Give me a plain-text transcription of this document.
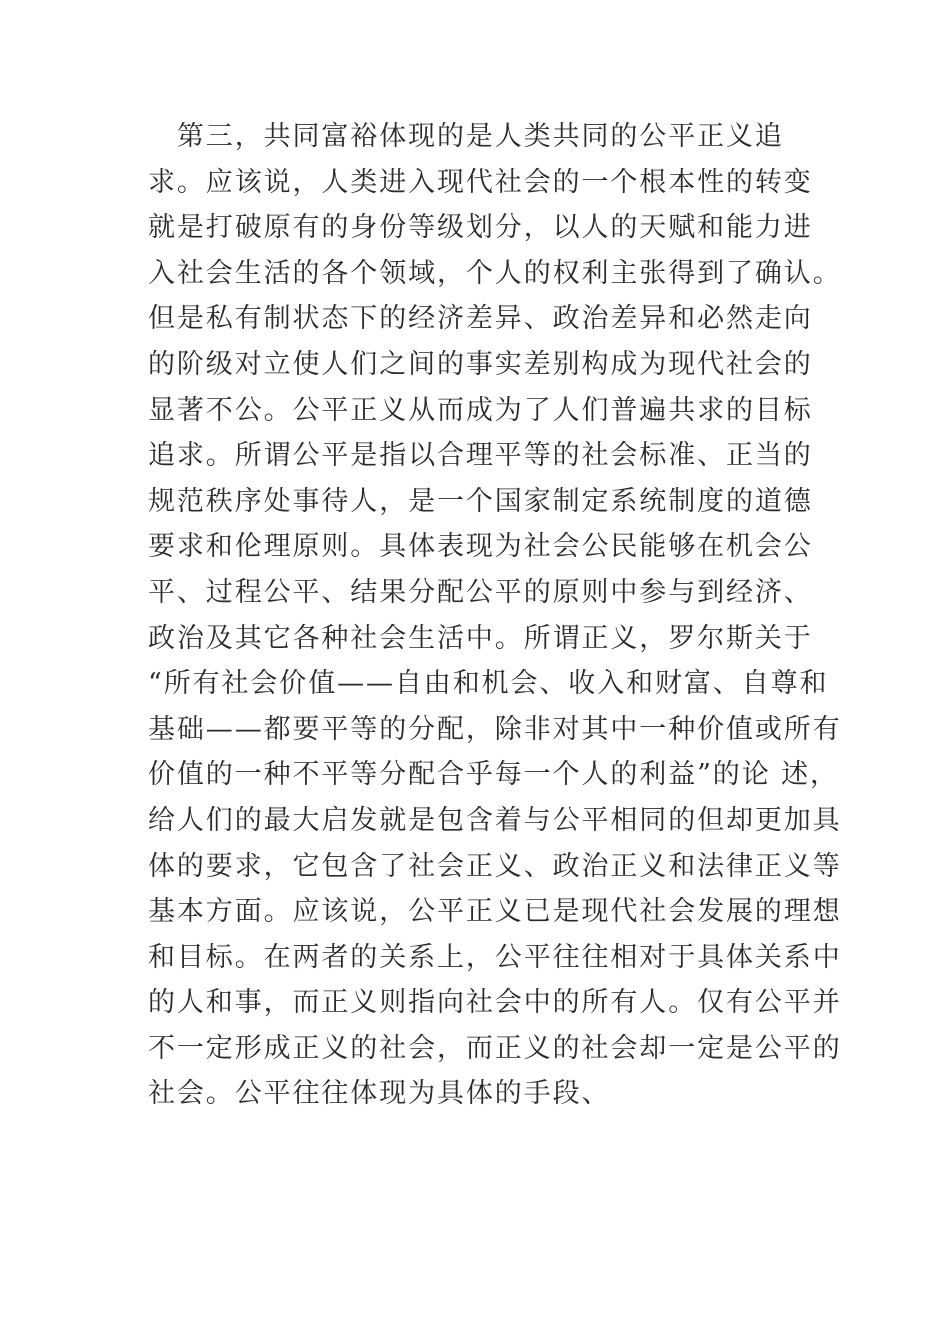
　第三，共同富裕体现的是人类共同的公平正义追
求。应该说，人类进入现代社会的一个根本性的转变
就是打破原有的身份等级划分，以人的天赋和能力进
入社会生活的各个领域，个人的权利主张得到了确认。
但是私有制状态下的经济差异、政治差异和必然走向
的阶级对立使人们之间的事实差别构成为现代社会的
显著不公。公平正义从而成为了人们普遍共求的目标
追求。所谓公平是指以合理平等的社会标准、正当的
规范秩序处事待人，是一个国家制定系统制度的道德
要求和伦理原则。具体表现为社会公民能够在机会公
平、过程公平、结果分配公平的原则中参与到经济、
政治及其它各种社会生活中。所谓正义，罗尔斯关于
“所有社会价值——自由和机会、收入和财富、自尊和
基础——都要平等的分配，除非对其中一种价值或所有
价值的一种不平等分配合乎每一个人的利益”的论 述，
给人们的最大启发就是包含着与公平相同的但却更加具
体的要求，它包含了社会正义、政治正义和法律正义等
基本方面。应该说，公平正义已是现代社会发展的理想
和目标。在两者的关系上，公平往往相对于具体关系中
的人和事，而正义则指向社会中的所有人。仅有公平并
不一定形成正义的社会，而正义的社会却一定是公平的
社会。公平往往体现为具体的手段、
